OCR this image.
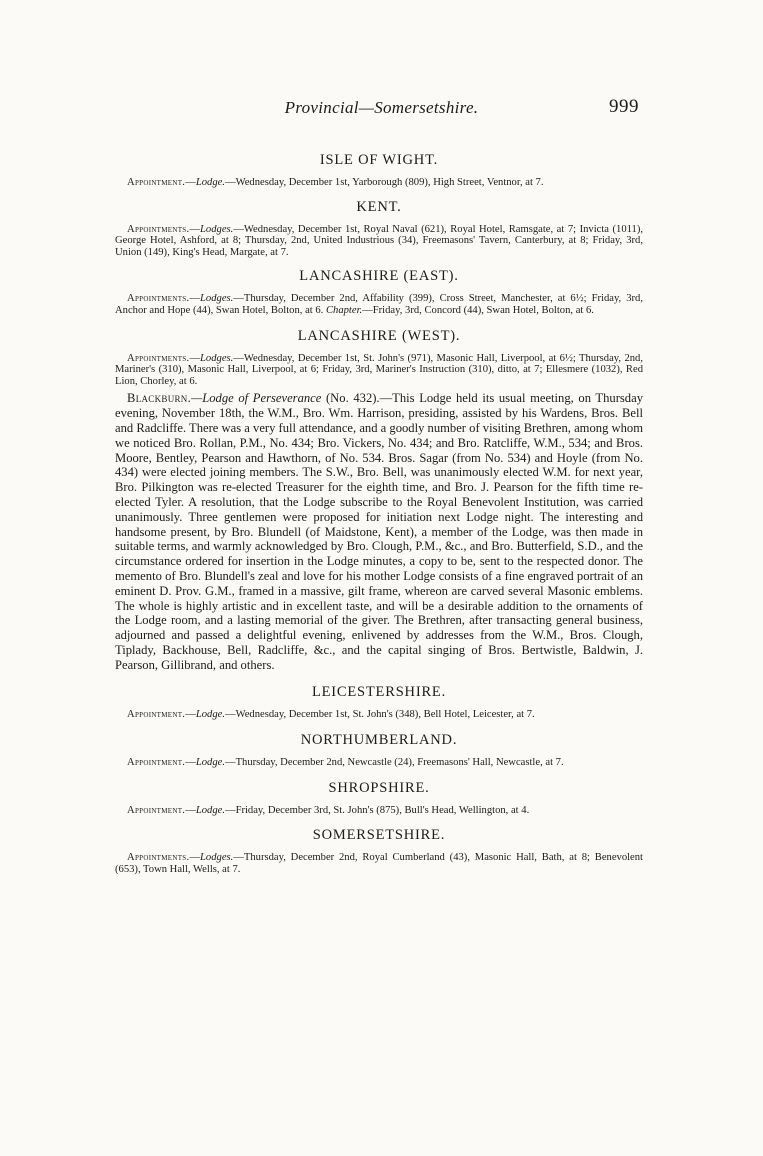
Provincial—Somersetshire.	999
ISLE OF WIGHT.

Appointment.—Lodge.—Wednesday, December 1st, Yarborough (809), High Street, Ventnor, at 7.

KENT.

Appointments.—Lodges.—Wednesday, December 1st, Royal Naval (621), Royal Hotel, Ramsgate, at 7; Invicta (1011), George Hotel, Ashford, at 8; Thursday, 2nd, United Industrious (34), Freemasons' Tavern, Canterbury, at 8; Friday, 3rd, Union (149), King's Head, Margate, at 7.

LANCASHIRE (EAST).

Appointments.—Lodges.—Thursday, December 2nd, Affability (399), Cross Street, Manchester, at 6½; Friday, 3rd, Anchor and Hope (44), Swan Hotel, Bolton, at 6. Chapter.—Friday, 3rd, Concord (44), Swan Hotel, Bolton, at 6.

LANCASHIRE (WEST).

Appointments.—Lodges.—Wednesday, December 1st, St. John's (971), Masonic Hall, Liverpool, at 6½; Thursday, 2nd, Mariner's (310), Masonic Hall, Liverpool, at 6; Friday, 3rd, Mariner's Instruction (310), ditto, at 7; Ellesmere (1032), Red Lion, Chorley, at 6.

Blackburn.—Lodge of Perseverance (No. 432).—This Lodge held its usual meeting, on Thursday evening, November 18th, the W.M., Bro. Wm. Harrison, presiding, assisted by his Wardens, Bros. Bell and Radcliffe. There was a very full attendance, and a goodly number of visiting Brethren, among whom we noticed Bro. Rollan, P.M., No. 434; Bro. Vickers, No. 434; and Bro. Ratcliffe, W.M., 534; and Bros. Moore, Bentley, Pearson and Hawthorn, of No. 534. Bros. Sagar (from No. 534) and Hoyle (from No. 434) were elected joining members. The S.W., Bro. Bell, was unanimously elected W.M. for next year, Bro. Pilkington was re-elected Treasurer for the eighth time, and Bro. J. Pearson for the fifth time re-elected Tyler. A resolution, that the Lodge subscribe to the Royal Benevolent Institution, was carried unanimously. Three gentlemen were proposed for initiation next Lodge night. The interesting and handsome present, by Bro. Blundell (of Maidstone, Kent), a member of the Lodge, was then made in suitable terms, and warmly acknowledged by Bro. Clough, P.M., &c., and Bro. Butterfield, S.D., and the circumstance ordered for insertion in the Lodge minutes, a copy to be, sent to the respected donor. The memento of Bro. Blundell's zeal and love for his mother Lodge consists of a fine engraved portrait of an eminent D. Prov. G.M., framed in a massive, gilt frame, whereon are carved several Masonic emblems. The whole is highly artistic and in excellent taste, and will be a desirable addition to the ornaments of the Lodge room, and a lasting memorial of the giver. The Brethren, after transacting general business, adjourned and passed a delightful evening, enlivened by addresses from the W.M., Bros. Clough, Tiplady, Backhouse, Bell, Radcliffe, &c., and the capital singing of Bros. Bertwistle, Baldwin, J. Pearson, Gillibrand, and others.

LEICESTERSHIRE.

Appointment.—Lodge.—Wednesday, December 1st, St. John's (348), Bell Hotel, Leicester, at 7.

NORTHUMBERLAND.

Appointment.—Lodge.—Thursday, December 2nd, Newcastle (24), Freemasons' Hall, Newcastle, at 7.

SHROPSHIRE.

Appointment.—Lodge.—Friday, December 3rd, St. John's (875), Bull's Head, Wellington, at 4.

SOMERSETSHIRE.

Appointments.—Lodges.—Thursday, December 2nd, Royal Cumberland (43), Masonic Hall, Bath, at 8; Benevolent (653), Town Hall, Wells, at 7.
